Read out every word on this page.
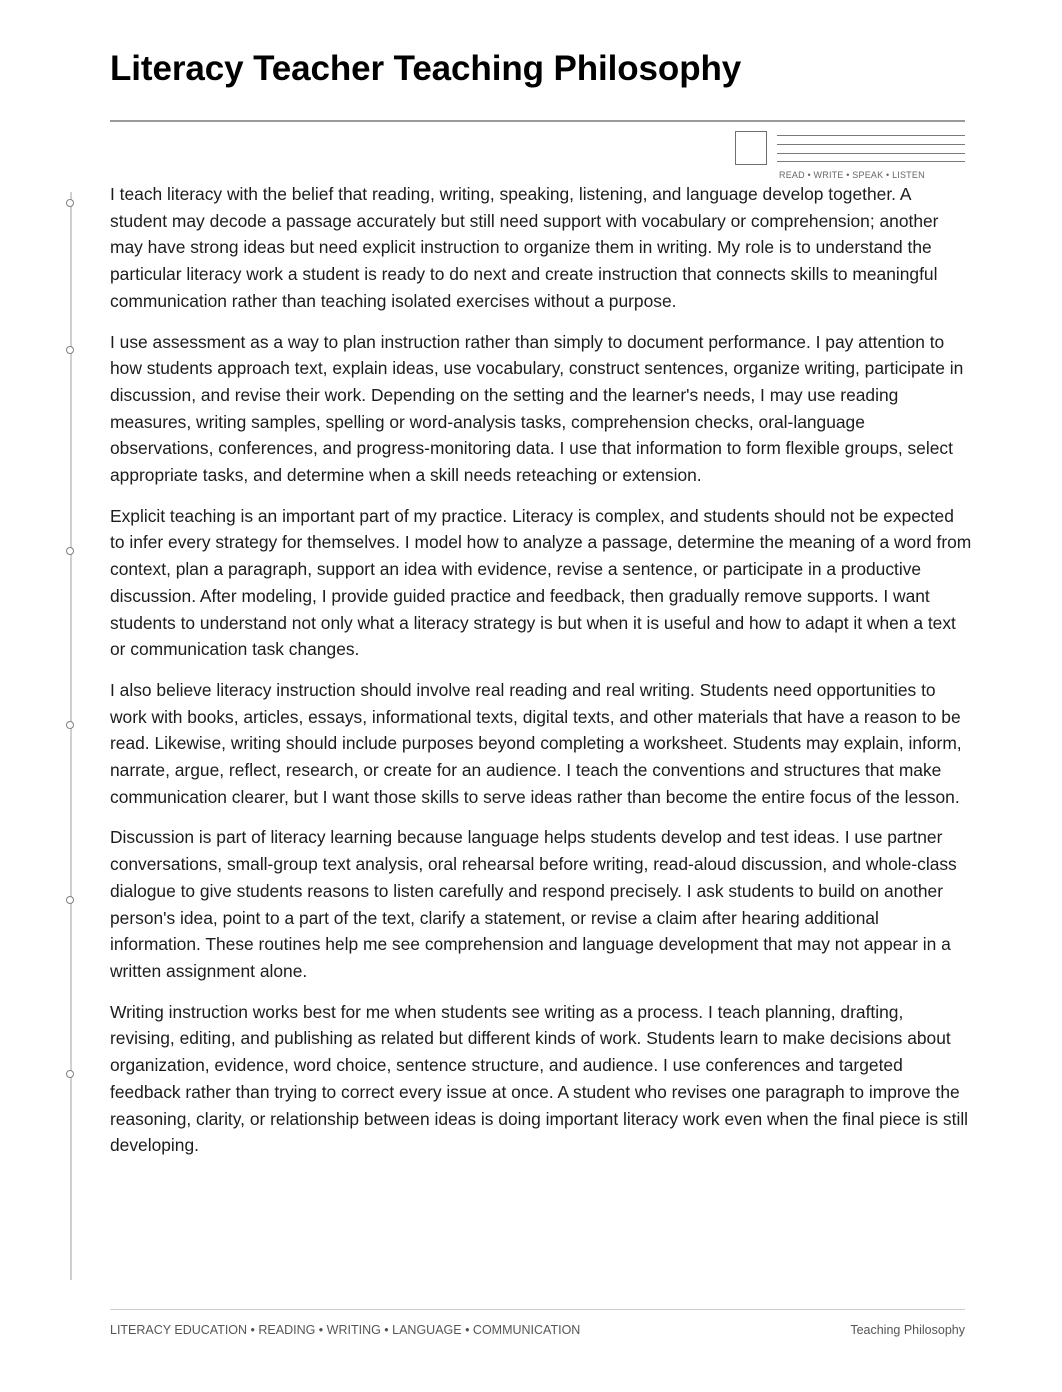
Literacy Teacher Teaching Philosophy
READ • WRITE • SPEAK • LISTEN

I teach literacy with the belief that reading, writing, speaking, listening, and language develop together. A student may decode a passage accurately but still need support with vocabulary or comprehension; another may have strong ideas but need explicit instruction to organize them in writing. My role is to understand the particular literacy work a student is ready to do next and create instruction that connects skills to meaningful communication rather than teaching isolated exercises without a purpose.

I use assessment as a way to plan instruction rather than simply to document performance. I pay attention to how students approach text, explain ideas, use vocabulary, construct sentences, organize writing, participate in discussion, and revise their work. Depending on the setting and the learner's needs, I may use reading measures, writing samples, spelling or word-analysis tasks, comprehension checks, oral-language observations, conferences, and progress-monitoring data. I use that information to form flexible groups, select appropriate tasks, and determine when a skill needs reteaching or extension.

Explicit teaching is an important part of my practice. Literacy is complex, and students should not be expected to infer every strategy for themselves. I model how to analyze a passage, determine the meaning of a word from context, plan a paragraph, support an idea with evidence, revise a sentence, or participate in a productive discussion. After modeling, I provide guided practice and feedback, then gradually remove supports. I want students to understand not only what a literacy strategy is but when it is useful and how to adapt it when a text or communication task changes.

I also believe literacy instruction should involve real reading and real writing. Students need opportunities to work with books, articles, essays, informational texts, digital texts, and other materials that have a reason to be read. Likewise, writing should include purposes beyond completing a worksheet. Students may explain, inform, narrate, argue, reflect, research, or create for an audience. I teach the conventions and structures that make communication clearer, but I want those skills to serve ideas rather than become the entire focus of the lesson.

Discussion is part of literacy learning because language helps students develop and test ideas. I use partner conversations, small-group text analysis, oral rehearsal before writing, read-aloud discussion, and whole-class dialogue to give students reasons to listen carefully and respond precisely. I ask students to build on another person's idea, point to a part of the text, clarify a statement, or revise a claim after hearing additional information. These routines help me see comprehension and language development that may not appear in a written assignment alone.

Writing instruction works best for me when students see writing as a process. I teach planning, drafting, revising, editing, and publishing as related but different kinds of work. Students learn to make decisions about organization, evidence, word choice, sentence structure, and audience. I use conferences and targeted feedback rather than trying to correct every issue at once. A student who revises one paragraph to improve the reasoning, clarity, or relationship between ideas is doing important literacy work even when the final piece is still developing.

LITERACY EDUCATION • READING • WRITING • LANGUAGE • COMMUNICATION	Teaching Philosophy
